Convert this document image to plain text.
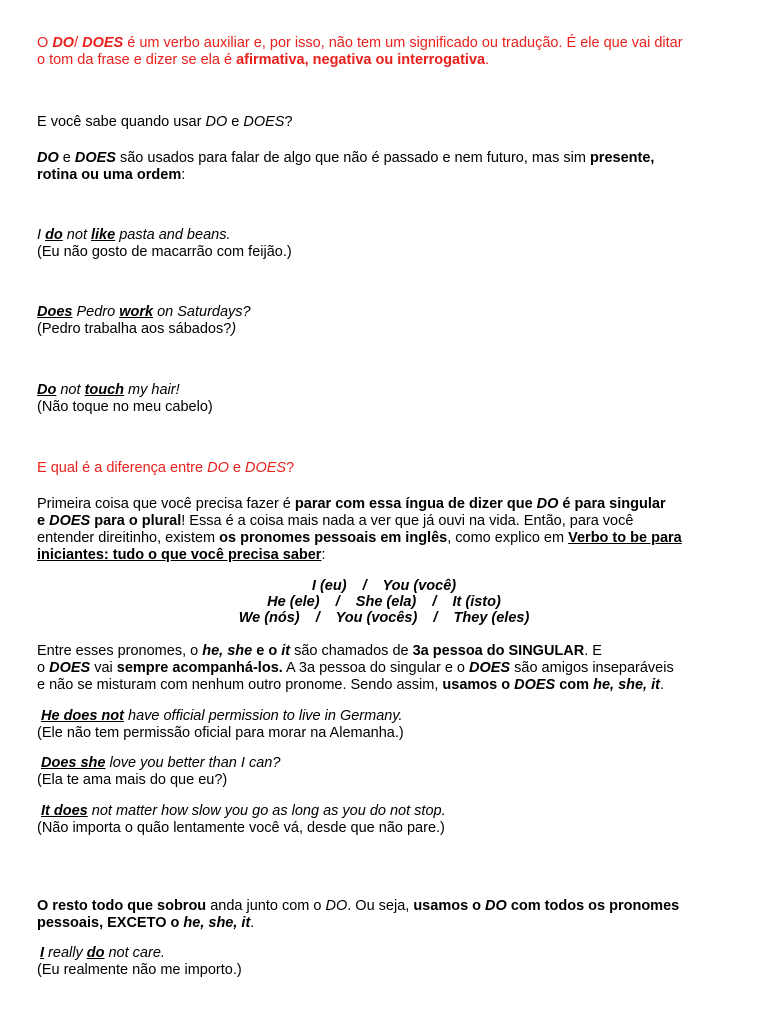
O DO/ DOES é um verbo auxiliar e, por isso, não tem um significado ou tradução. É ele que vai ditar
o tom da frase e dizer se ela é afirmativa, negativa ou interrogativa.
E você sabe quando usar DO e DOES?
DO e DOES são usados para falar de algo que não é passado e nem futuro, mas sim presente,
rotina ou uma ordem:
I do not like pasta and beans.
(Eu não gosto de macarrão com feijão.)
Does Pedro work on Saturdays?
(Pedro trabalha aos sábados?)
Do not touch my hair!
(Não toque no meu cabelo)
E qual é a diferença entre DO e DOES?
Primeira coisa que você precisa fazer é parar com essa íngua de dizer que DO é para singular
e DOES para o plural! Essa é a coisa mais nada a ver que já ouvi na vida. Então, para você
entender direitinho, existem os pronomes pessoais em inglês, como explico em Verbo to be para
iniciantes: tudo o que você precisa saber:
I (eu)    /    You (você)
He (ele)    /    She (ela)    /    It (isto)
We (nós)    /    You (vocês)    /    They (eles)
Entre esses pronomes, o he, she e o it são chamados de 3a pessoa do SINGULAR. E
o DOES vai sempre acompanhá-los. A 3a pessoa do singular e o DOES são amigos inseparáveis
e não se misturam com nenhum outro pronome. Sendo assim, usamos o DOES com he, she, it.
He does not have official permission to live in Germany.
(Ele não tem permissão oficial para morar na Alemanha.)
Does she love you better than I can?
(Ela te ama mais do que eu?)
It does not matter how slow you go as long as you do not stop.
(Não importa o quão lentamente você vá, desde que não pare.)
O resto todo que sobrou anda junto com o DO. Ou seja, usamos o DO com todos os pronomes
pessoais, EXCETO o he, she, it.
I really do not care.
(Eu realmente não me importo.)
